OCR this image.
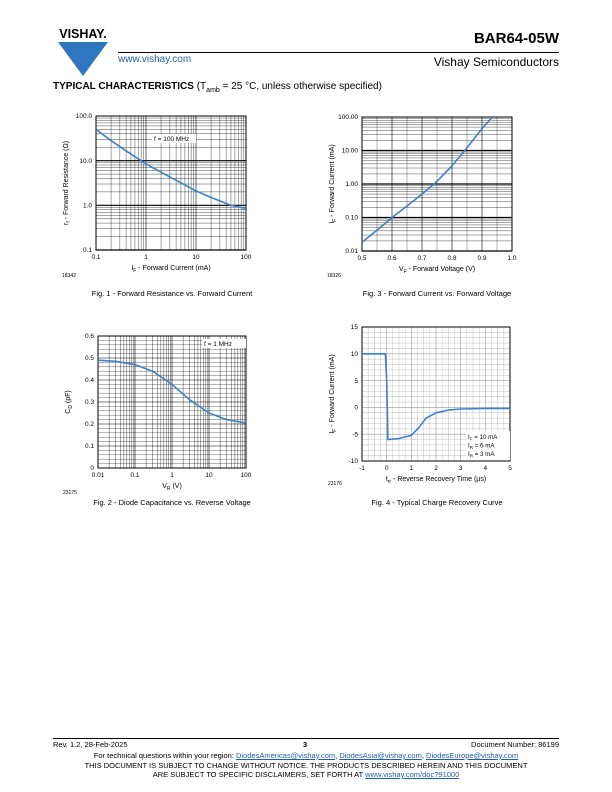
VISHAY.	BAR64-05W
www.vishay.com	Vishay Semiconductors
TYPICAL CHARACTERISTICS ($T_{amb} = 25$ °C, unless otherwise specified)
0.1	1	10	100
0.1
1.0
10.0
100.0
$I_F$ - Forward Current (mA)
$r_f$ - Forward Resistance (Ω)
18342
f = 100 MHz
0.5	0.6	0.7	0.8	0.9	1.0
0.01
0.10
1.00
10.00
100.00
$V_F$ - Forward Voltage (V)
$I_F$ - Forward Current (mA)
18326
0.01	0.1	1	10	100
0
0.1
0.2
0.3
0.4
0.5
0.6
$V_R$ (V)
$C_D$ (pF)
23175
f = 1 MHz
-1	0	1	2	3	4	5
-10
-5
0
5
10
15
$t_{rr}$ - Reverse Recovery Time (µs)
$I_F$ - Forward Current (mA)
23176
$I_F = 10$ mA
$I_R = 6$ mA
$I_R = 3$ mA
Fig. 1 - Forward Resistance vs. Forward Current	Fig. 3 - Forward Current vs. Forward Voltage
Fig. 2 - Diode Capacitance vs. Reverse Voltage	Fig. 4 - Typical Charge Recovery Curve
Rev. 1.2, 28-Feb-2025	3	Document Number: 86199
For technical questions within your region: DiodesAmericas@vishay.com, DiodesAsia@vishay.com, DiodesEurope@vishay.com
THIS DOCUMENT IS SUBJECT TO CHANGE WITHOUT NOTICE. THE PRODUCTS DESCRIBED HEREIN AND THIS DOCUMENT
ARE SUBJECT TO SPECIFIC DISCLAIMERS, SET FORTH AT www.vishay.com/doc?91000
